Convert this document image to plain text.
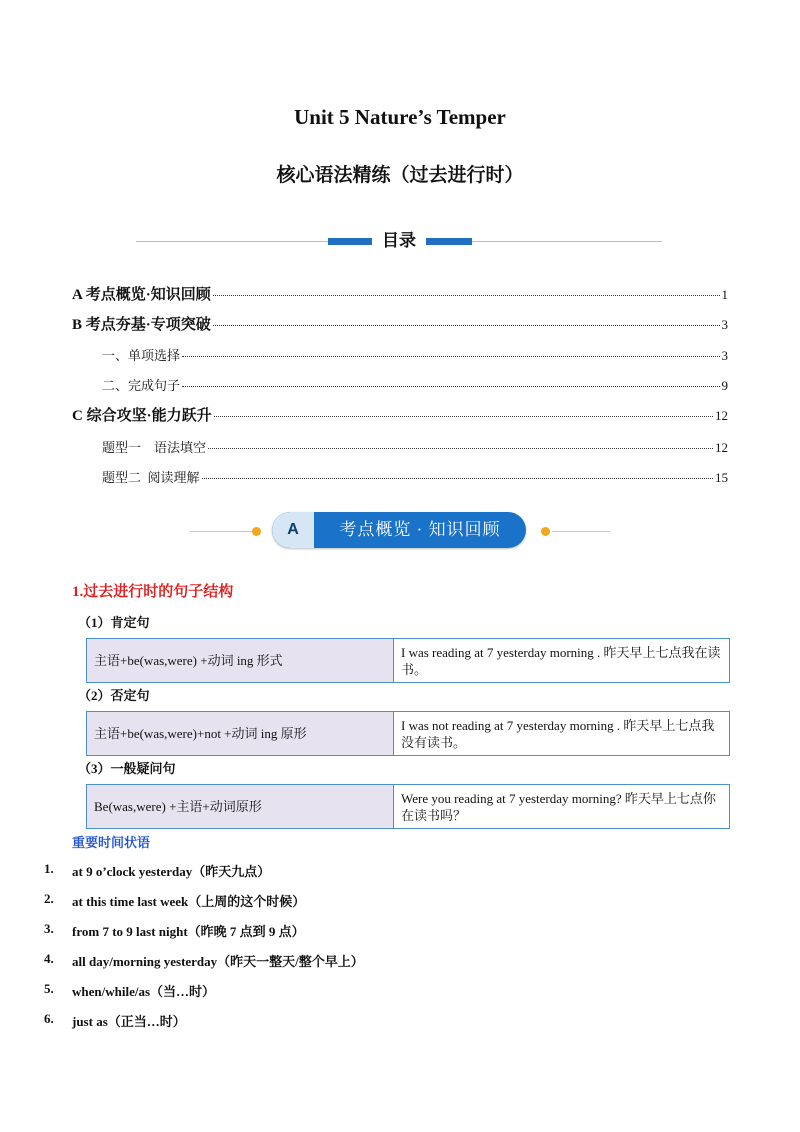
Unit 5 Nature’s Temper
核心语法精练（过去进行时）
目录
A 考点概览·知识回顾	1
B 考点夯基·专项突破	3
一、单项选择	3
二、完成句子	9
C 综合攻坚·能力跃升	12
题型一    语法填空	12
题型二  阅读理解	15
A	考点概览 · 知识回顾
1.过去进行时的句子结构
（1）肯定句
主语+be(was,were) +动词 ing 形式	I was reading at 7 yesterday morning . 昨天早上七点我在读书。
（2）否定句
主语+be(was,were)+not +动词 ing 原形	I was not reading at 7 yesterday morning . 昨天早上七点我没有读书。
（3）一般疑问句
Be(was,were) +主语+动词原形	Were you reading at 7 yesterday morning? 昨天早上七点你在读书吗？
重要时间状语
1.	at 9 o’clock yesterday（昨天九点）
2.	at this time last week（上周的这个时候）
3.	from 7 to 9 last night（昨晚 7 点到 9 点）
4.	all day/morning yesterday（昨天一整天/整个早上）
5.	when/while/as（当…时）
6.	just as（正当…时）
